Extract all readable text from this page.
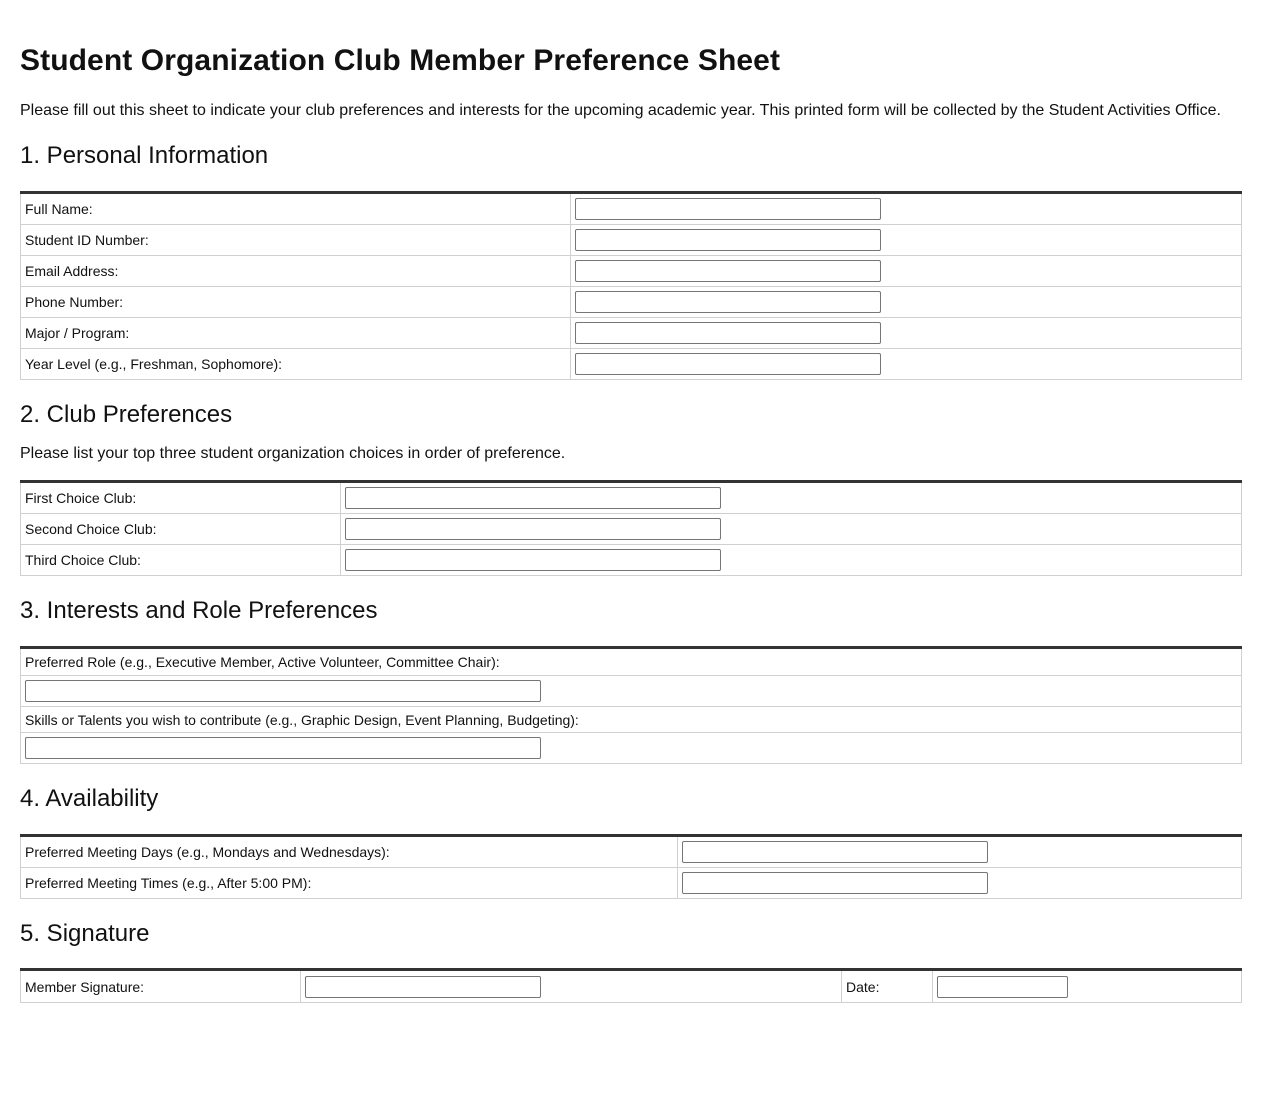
Student Organization Club Member Preference Sheet

Please fill out this sheet to indicate your club preferences and interests for the upcoming academic year. This printed form will be collected by the Student Activities Office.

1. Personal Information
Full Name:	

Student ID Number:	

Email Address:	

Phone Number:	

Major / Program:	

Year Level (e.g., Freshman, Sophomore):	
2. Club Preferences

Please list your top three student organization choices in order of preference.

First Choice Club:	

Second Choice Club:	

Third Choice Club:	
3. Interests and Role Preferences
Preferred Role (e.g., Executive Member, Active Volunteer, Committee Chair):

Skills or Talents you wish to contribute (e.g., Graphic Design, Event Planning, Budgeting):

4. Availability
Preferred Meeting Days (e.g., Mondays and Wednesdays):	

Preferred Meeting Times (e.g., After 5:00 PM):	
5. Signature
Member Signature:		Date:	
